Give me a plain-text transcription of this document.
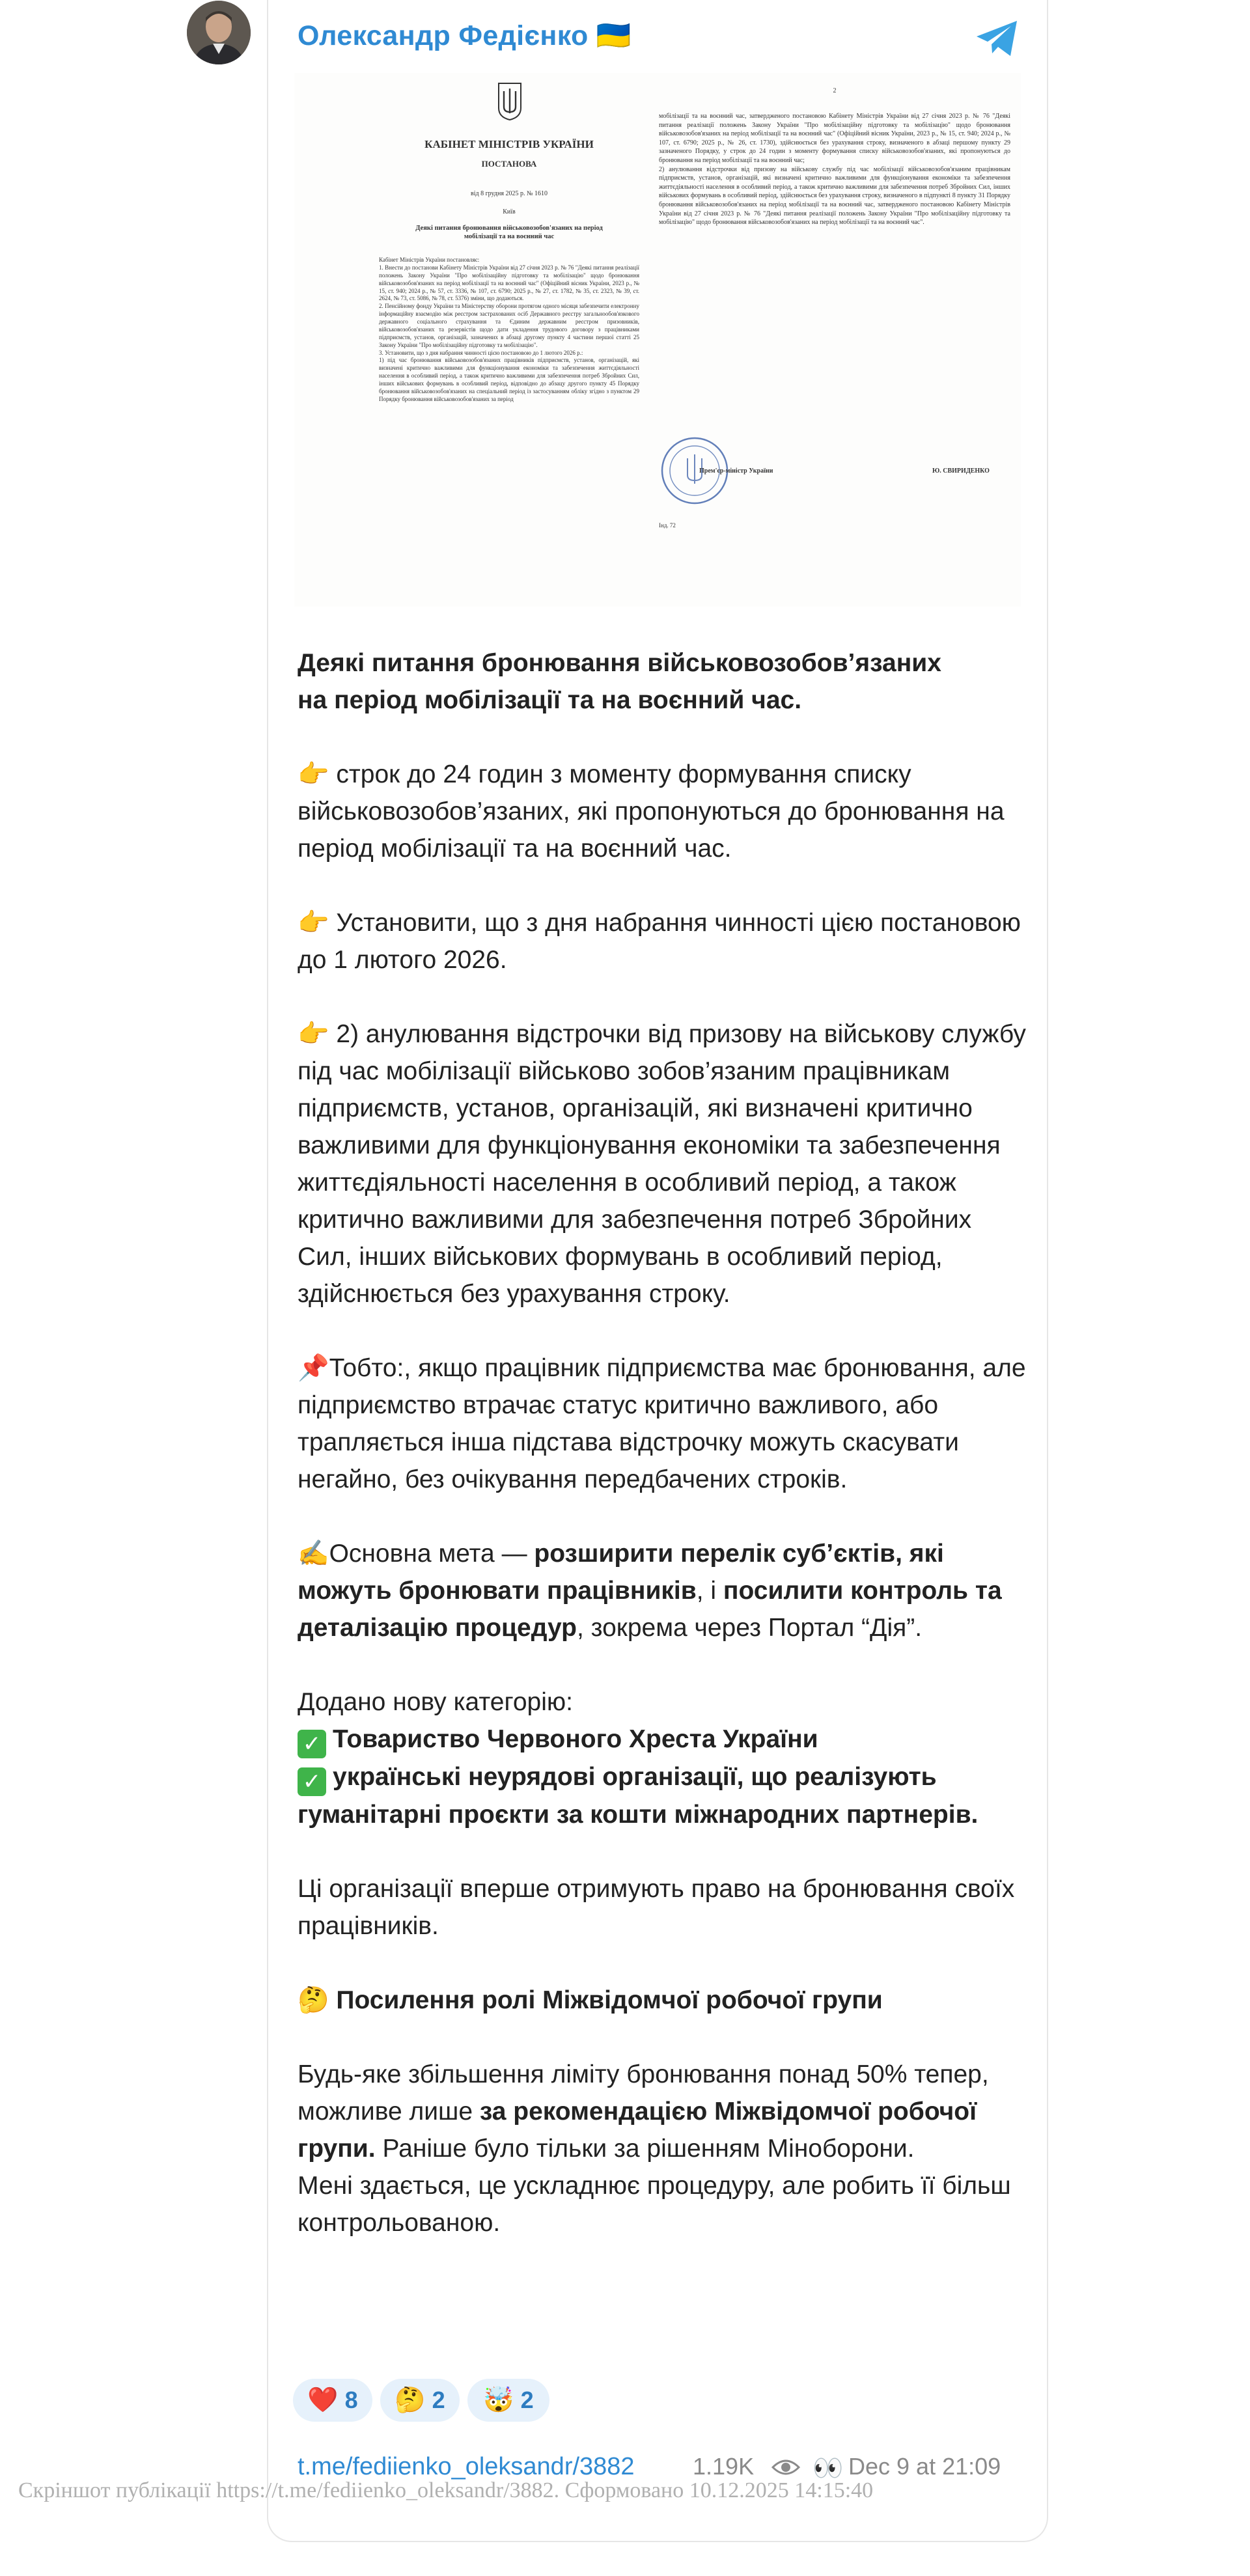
Олександр Федієнко 🇺🇦
КАБІНЕТ МІНІСТРІВ УКРАЇНИ
ПОСТАНОВА
від 8 грудня 2025 р. № 1610
Київ
Деякі питання бронювання військовозобов'язаних на період мобілізації та на воєнний час
Кабінет Міністрів України постановляє:
1. Внести до постанови Кабінету Міністрів України від 27 січня 2023 р. № 76 "Деякі питання реалізації положень Закону України "Про мобілізаційну підготовку та мобілізацію" щодо бронювання військовозобов'язаних на період мобілізації та на воєнний час" (Офіційний вісник України, 2023 р., № 15, ст. 940; 2024 р., № 57, ст. 3336, № 107, ст. 6790; 2025 р., № 27, ст. 1782, № 35, ст. 2323, № 39, ст. 2624, № 73, ст. 5086, № 78, ст. 5376) зміни, що додаються.
2. Пенсійному фонду України та Міністерству оборони протягом одного місяця забезпечити електронну інформаційну взаємодію між реєстром застрахованих осіб Державного реєстру загальнообов'язкового державного соціального страхування та Єдиним державним реєстром призовників, військовозобов'язаних та резервістів щодо дати укладення трудового договору з працівниками підприємств, установ, організацій, зазначених в абзаці другому пункту 4 частини першої статті 25 Закону України "Про мобілізаційну підготовку та мобілізацію".
3. Установити, що з дня набрання чинності цією постановою до 1 лютого 2026 р.:
1) під час бронювання військовозобов'язаних працівників підприємств, установ, організацій, які визначені критично важливими для функціонування економіки та забезпечення життєдіяльності населення в особливий період, а також критично важливими для забезпечення потреб Збройних Сил, інших військових формувань в особливий період, відповідно до абзацу другого пункту 45 Порядку бронювання військовозобов'язаних на спеціальний період із застосуванням обліку згідно з пунктом 29 Порядку бронювання військовозобов'язаних за період
2
мобілізації та на воєнний час, затвердженого постановою Кабінету Міністрів України від 27 січня 2023 р. № 76 "Деякі питання реалізації положень Закону України "Про мобілізаційну підготовку та мобілізацію" щодо бронювання військовозобов'язаних на період мобілізації та на воєнний час" (Офіційний вісник України, 2023 р., № 15, ст. 940; 2024 р., № 107, ст. 6790; 2025 р., № 26, ст. 1730), здійснюється без урахування строку, визначеного в абзаці першому пункту 29 зазначеного Порядку, у строк до 24 годин з моменту формування списку військовозобов'язаних, які пропонуються до бронювання на період мобілізації та на воєнний час;
2) анулювання відстрочки від призову на військову службу під час мобілізації військовозобов'язаним працівникам підприємств, установ, організацій, які визначені критично важливими для функціонування економіки та забезпечення життєдіяльності населення в особливий період, а також критично важливими для забезпечення потреб Збройних Сил, інших військових формувань в особливий період, здійснюється без урахування строку, визначеного в підпункті 8 пункту 31 Порядку бронювання військовозобов'язаних на період мобілізації та на воєнний час, затвердженого постановою Кабінету Міністрів України від 27 січня 2023 р. № 76 "Деякі питання реалізації положень Закону України "Про мобілізаційну підготовку та мобілізацію" щодо бронювання військовозобов'язаних на період мобілізації та на воєнний час".
Прем'єр-міністр України	Ю. СВИРИДЕНКО
Інд. 72

Деякі питання бронювання військовозобов’язаних
на період мобілізації та на воєнний час.

👉 строк до 24 годин з моменту формування списку військовозобов’язаних, які пропонуються до бронювання на період мобілізації та на воєнний час.

👉 Установити, що з дня набрання чинності цією постановою до 1 лютого 2026.

👉 2) анулювання відстрочки від призову на військову службу під час мобілізації військово зобов’язаним працівникам підприємств, установ, організацій, які визначені критично важливими для функціонування економіки та забезпечення життєдіяльності населення в особливий період, а також критично важливими для забезпечення потреб Збройних Сил, інших військових формувань в особливий період, здійснюється без урахування строку.

📌Тобто:, якщо працівник підприємства має бронювання, але підприємство втрачає статус критично важливого, або трапляється інша підстава відстрочку можуть скасувати негайно, без очікування передбачених строків.

✍️Основна мета — розширити перелік суб’єктів, які можуть бронювати працівників, і посилити контроль та деталізацію процедур, зокрема через Портал “Дія”.

Додано нову категорію:
✓ Товариство Червоного Хреста України
✓ українські неурядові організації, що реалізують гуманітарні проєкти за кошти міжнародних партнерів.

Ці організації вперше отримують право на бронювання своїх працівників.

🤔 Посилення ролі Міжвідомчої робочої групи

Будь-яке збільшення ліміту бронювання понад 50% тепер, можливе лише за рекомендацією Міжвідомчої робочої групи. Раніше було тільки за рішенням Міноборони.
Мені здається, це ускладнює процедуру, але робить її більш контрольованою.

❤️ 8 🤔 2 🤯 2
t.me/fediienko_oleksandr/3882 1.19K 👀 Dec 9 at 21:09
Скріншот публікації https://t.me/fediienko_oleksandr/3882. Сформовано 10.12.2025 14:15:40
